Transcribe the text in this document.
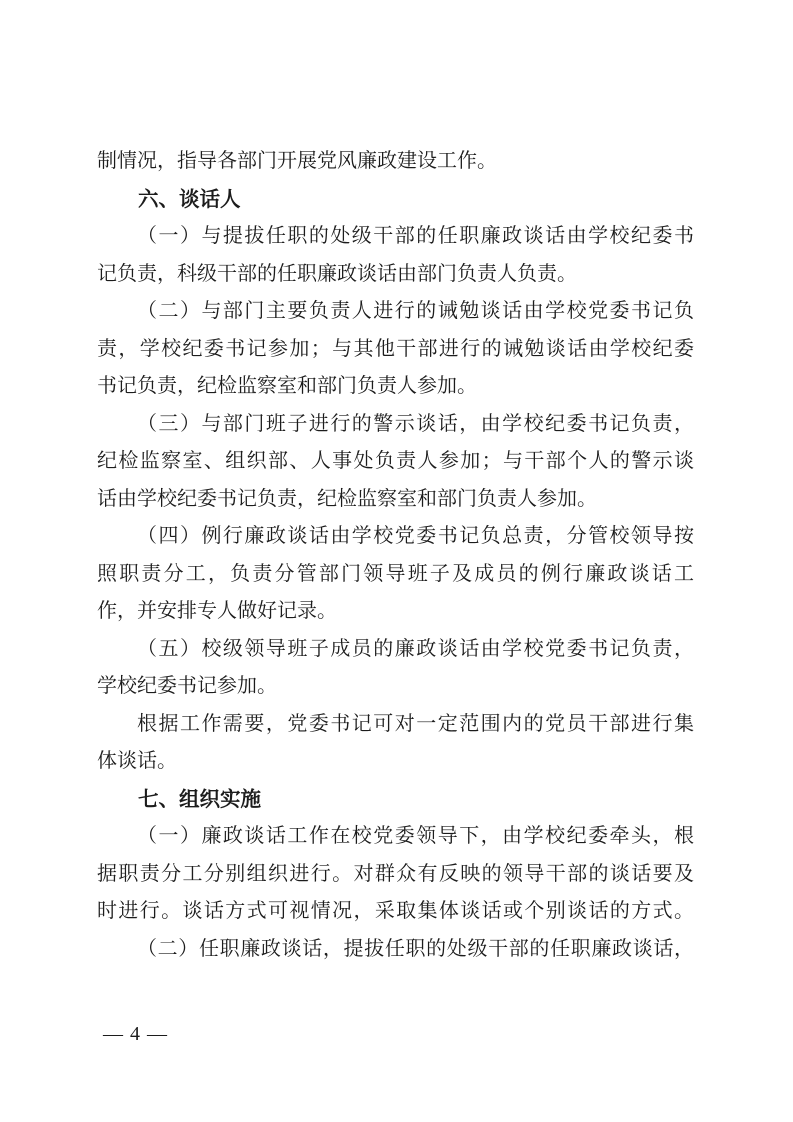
制情况，指导各部门开展党风廉政建设工作。
六、谈话人
（一）与提拔任职的处级干部的任职廉政谈话由学校纪委书
记负责，科级干部的任职廉政谈话由部门负责人负责。
（二）与部门主要负责人进行的诫勉谈话由学校党委书记负
责，学校纪委书记参加；与其他干部进行的诫勉谈话由学校纪委
书记负责，纪检监察室和部门负责人参加。
（三）与部门班子进行的警示谈话，由学校纪委书记负责，
纪检监察室、组织部、人事处负责人参加；与干部个人的警示谈
话由学校纪委书记负责，纪检监察室和部门负责人参加。
（四）例行廉政谈话由学校党委书记负总责，分管校领导按
照职责分工，负责分管部门领导班子及成员的例行廉政谈话工
作，并安排专人做好记录。
（五）校级领导班子成员的廉政谈话由学校党委书记负责，
学校纪委书记参加。
根据工作需要，党委书记可对一定范围内的党员干部进行集
体谈话。
七、组织实施
（一）廉政谈话工作在校党委领导下，由学校纪委牵头，根
据职责分工分别组织进行。对群众有反映的领导干部的谈话要及
时进行。谈话方式可视情况，采取集体谈话或个别谈话的方式。
（二）任职廉政谈话，提拔任职的处级干部的任职廉政谈话，
— 4 —
